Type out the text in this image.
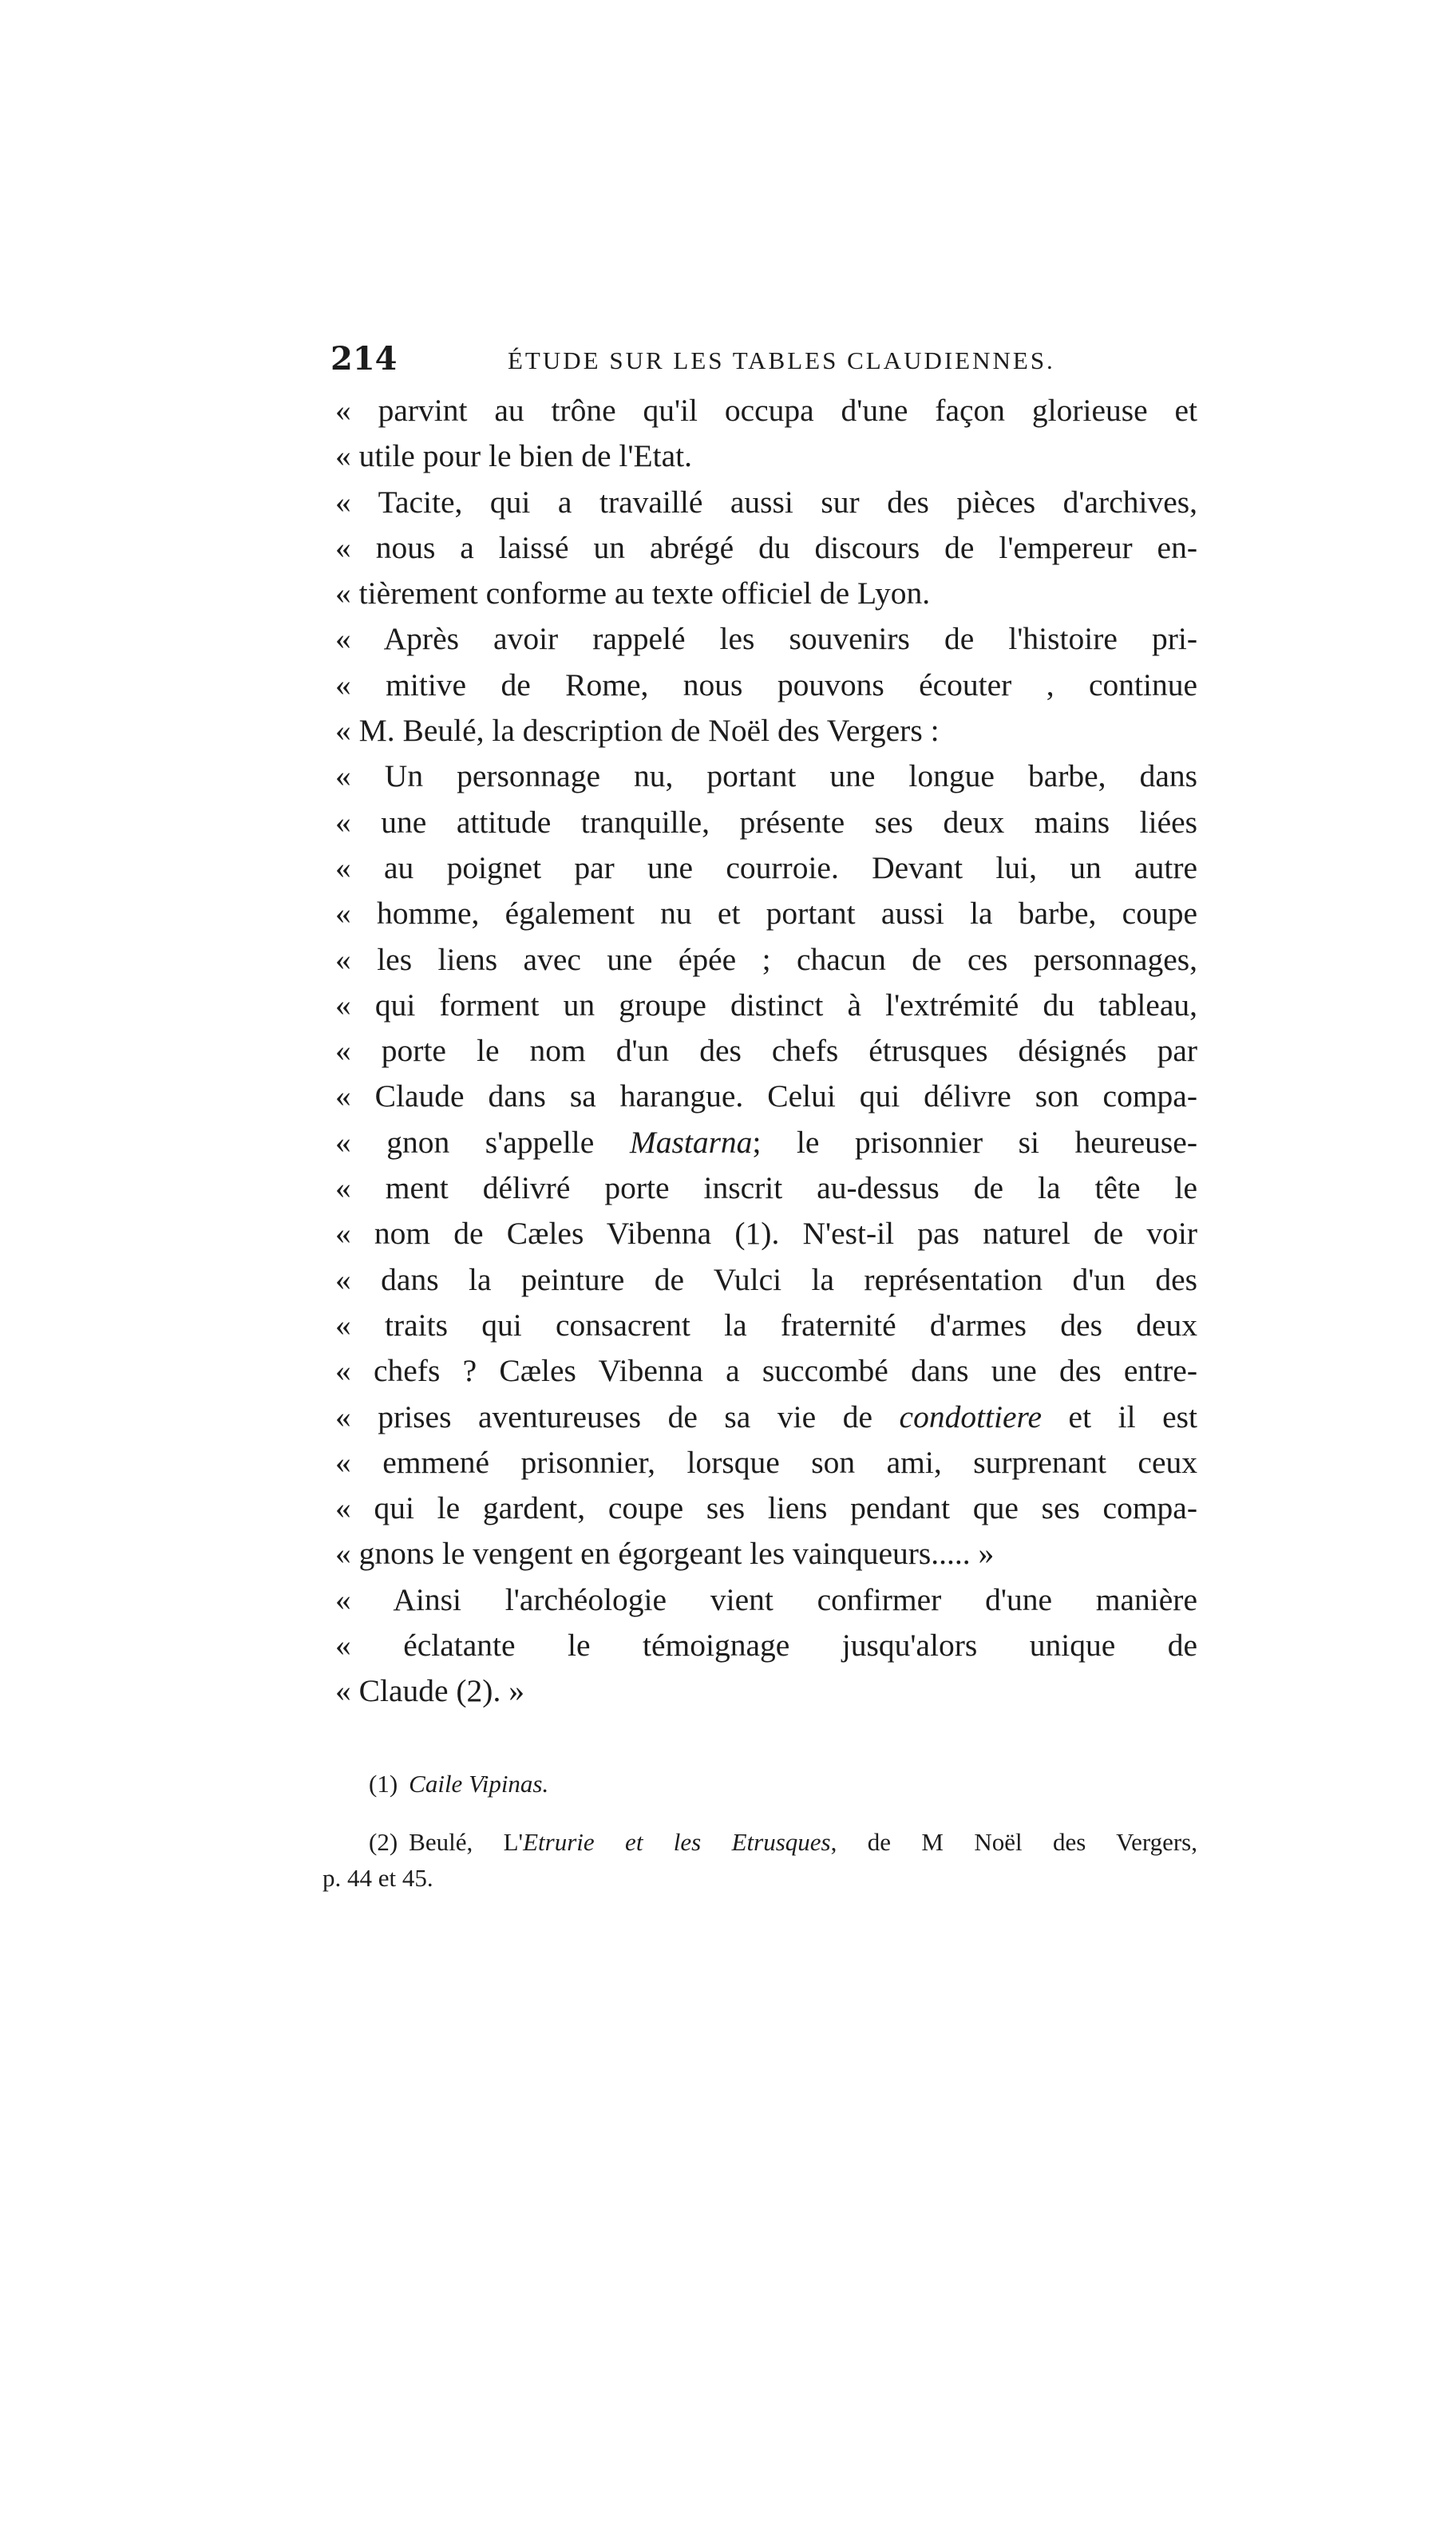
214	ÉTUDE SUR LES TABLES CLAUDIENNES.
« parvint au trône qu'il occupa d'une façon glorieuse et
« utile pour le bien de l'Etat.
« Tacite, qui a travaillé aussi sur des pièces d'archives,
« nous a laissé un abrégé du discours de l'empereur en-
« tièrement conforme au texte officiel de Lyon.
« Après avoir rappelé les souvenirs de l'histoire pri-
« mitive de Rome, nous pouvons écouter , continue
« M. Beulé, la description de Noël des Vergers :
« Un personnage nu, portant une longue barbe, dans
« une attitude tranquille, présente ses deux mains liées
« au poignet par une courroie. Devant lui, un autre
« homme, également nu et portant aussi la barbe, coupe
« les liens avec une épée ; chacun de ces personnages,
« qui forment un groupe distinct à l'extrémité du tableau,
« porte le nom d'un des chefs étrusques désignés par
« Claude dans sa harangue. Celui qui délivre son compa-
« gnon s'appelle Mastarna; le prisonnier si heureuse-
« ment délivré porte inscrit au-dessus de la tête le
« nom de Cæles Vibenna (1). N'est-il pas naturel de voir
« dans la peinture de Vulci la représentation d'un des
« traits qui consacrent la fraternité d'armes des deux
« chefs ? Cæles Vibenna a succombé dans une des entre-
« prises aventureuses de sa vie de condottiere et il est
« emmené prisonnier, lorsque son ami, surprenant ceux
« qui le gardent, coupe ses liens pendant que ses compa-
« gnons le vengent en égorgeant les vainqueurs..... »
« Ainsi l'archéologie vient confirmer d'une manière
« éclatante le témoignage jusqu'alors unique de
« Claude (2). »
(1) Caile Vipinas.
(2) Beulé, L'Etrurie et les Etrusques, de M Noël des Vergers,
p. 44 et 45.
